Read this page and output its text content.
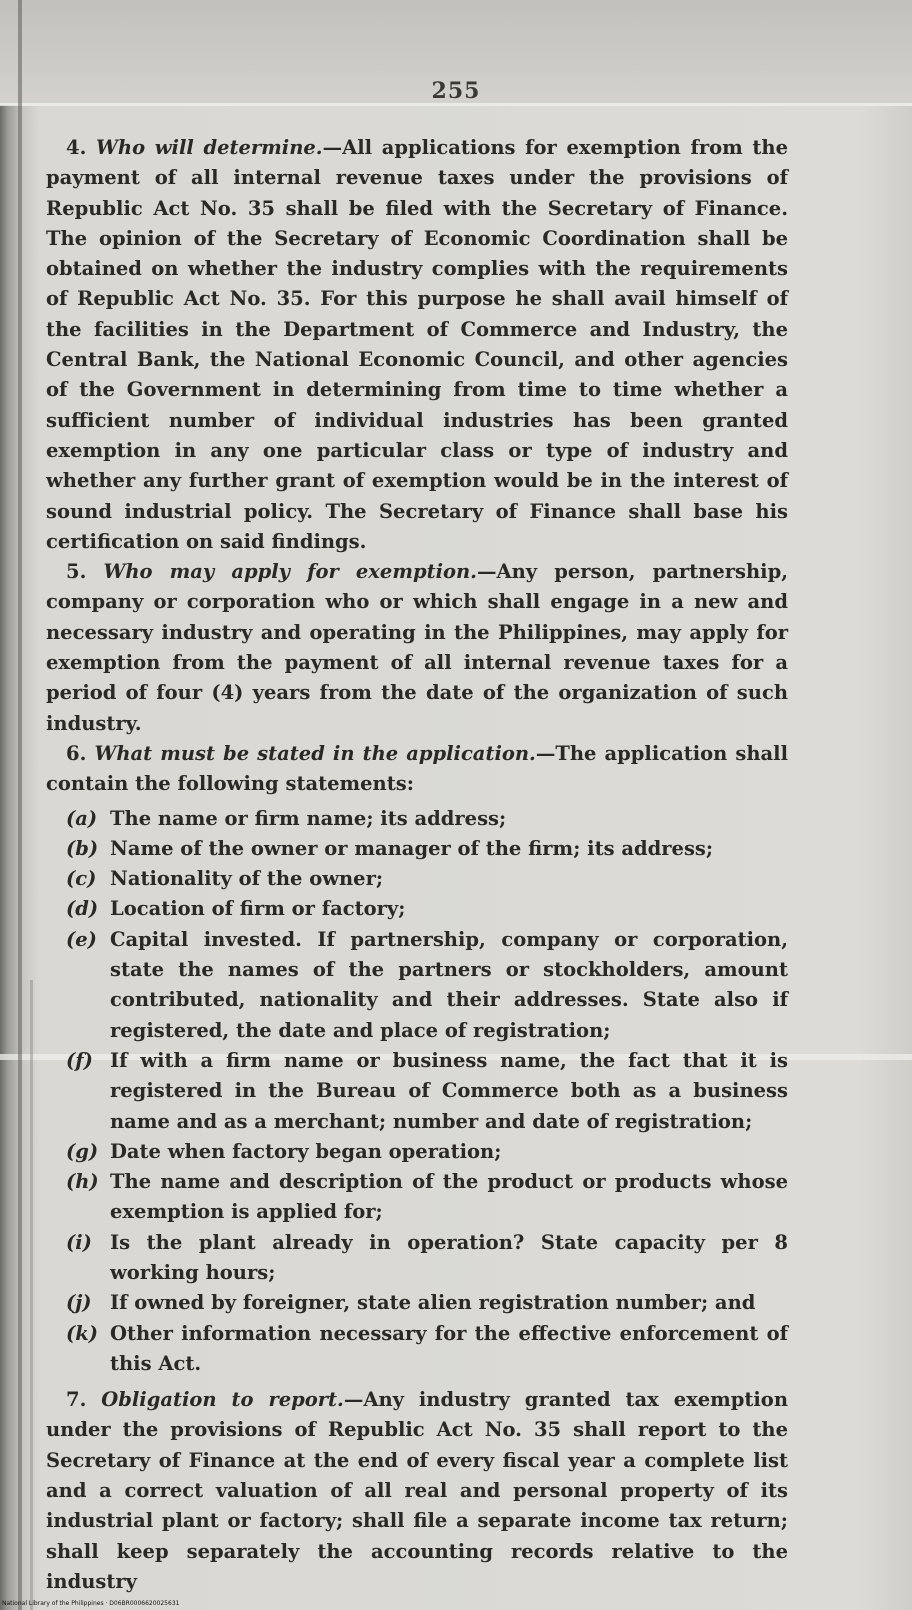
255

4. Who will determine.—All applications for exemption from the payment of all internal revenue taxes under the provisions of Republic Act No. 35 shall be filed with the Secretary of Finance. The opinion of the Secretary of Economic Coordination shall be obtained on whether the industry complies with the requirements of Republic Act No. 35. For this purpose he shall avail himself of the facilities in the Department of Commerce and Industry, the Central Bank, the National Economic Council, and other agencies of the Government in determining from time to time whether a sufficient number of individual industries has been granted exemption in any one particular class or type of industry and whether any further grant of exemption would be in the interest of sound industrial policy. The Secretary of Finance shall base his certification on said findings.

5. Who may apply for exemption.—Any person, partnership, company or corporation who or which shall engage in a new and necessary industry and operating in the Philippines, may apply for exemption from the payment of all internal revenue taxes for a period of four (4) years from the date of the organization of such industry.

6. What must be stated in the application.—The application shall contain the following statements:

(a) The name or firm name; its address;
(b) Name of the owner or manager of the firm; its address;
(c) Nationality of the owner;
(d) Location of firm or factory;
(e) Capital invested. If partnership, company or corporation, state the names of the partners or stockholders, amount contributed, nationality and their addresses. State also if registered, the date and place of registration;
(f) If with a firm name or business name, the fact that it is registered in the Bureau of Commerce both as a business name and as a merchant; number and date of registration;
(g) Date when factory began operation;
(h) The name and description of the product or products whose exemption is applied for;
(i) Is the plant already in operation? State capacity per 8 working hours;
(j) If owned by foreigner, state alien registration number; and
(k) Other information necessary for the effective enforcement of this Act.

7. Obligation to report.—Any industry granted tax exemption under the provisions of Republic Act No. 35 shall report to the Secretary of Finance at the end of every fiscal year a complete list and a correct valuation of all real and personal property of its industrial plant or factory; shall file a separate income tax return; shall keep separately the accounting records relative to the industry

National Library of the Philippines · D06BR0006620025631
